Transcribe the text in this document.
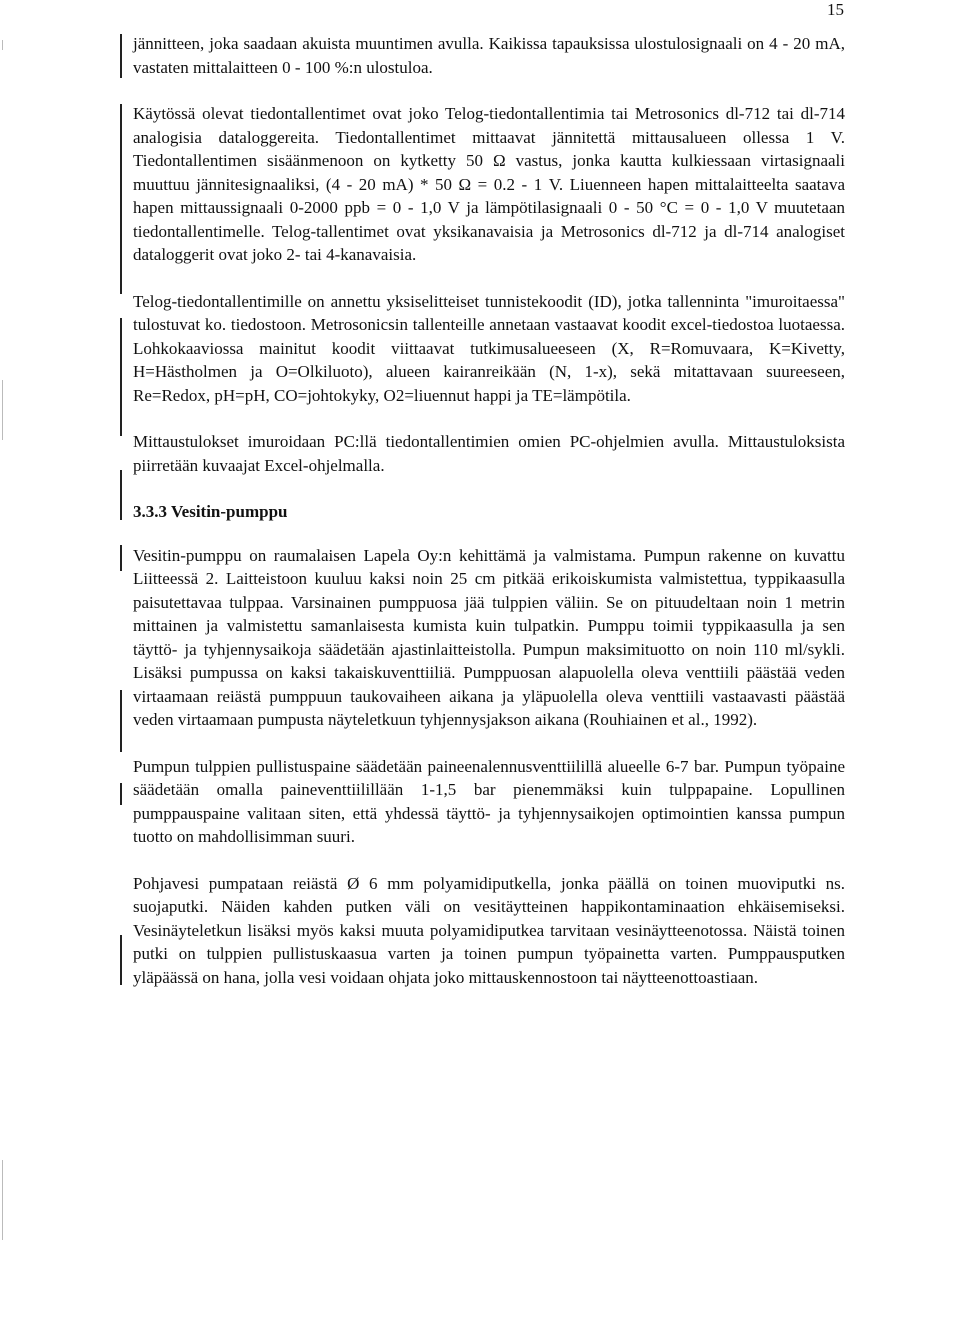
15

jännitteen, joka saadaan akuista muuntimen avulla. Kaikissa tapauksissa ulostulosignaali on 4 - 20 mA, vastaten mittalaitteen 0 - 100 %:n ulostuloa.

Käytössä olevat tiedontallentimet ovat joko Telog-tiedontallentimia tai Metrosonics dl-712 tai dl-714 analogisia dataloggereita. Tiedontallentimet mittaavat jännitettä mittausalueen ollessa 1 V. Tiedontallentimen sisäänmenoon on kytketty 50 Ω vastus, jonka kautta kulkiessaan virtasignaali muuttuu jännitesignaaliksi, (4 - 20 mA) * 50 Ω = 0.2 - 1 V. Liuenneen hapen mittalaitteelta saatava hapen mittaussignaali 0-2000 ppb = 0 - 1,0 V ja lämpötilasignaali 0 - 50 °C = 0 - 1,0 V muutetaan tiedontallentimelle. Telog-tallentimet ovat yksikanavaisia ja Metrosonics dl-712 ja dl-714 analogiset dataloggerit ovat joko 2- tai 4-kanavaisia.

Telog-tiedontallentimille on annettu yksiselitteiset tunnistekoodit (ID), jotka tallenninta "imuroitaessa" tulostuvat ko. tiedostoon. Metrosonicsin tallenteille annetaan vastaavat koodit excel-tiedostoa luotaessa. Lohkokaaviossa mainitut koodit viittaavat tutkimusalueeseen (X, R=Romuvaara, K=Kivetty, H=Hästholmen ja O=Olkiluoto), alueen kairanreikään (N, 1-x), sekä mitattavaan suureeseen, Re=Redox, pH=pH, CO=johtokyky, O2=liuennut happi ja TE=lämpötila.

Mittaustulokset imuroidaan PC:llä tiedontallentimien omien PC-ohjelmien avulla. Mittaustuloksista piirretään kuvaajat Excel-ohjelmalla.

3.3.3 Vesitin-pumppu

Vesitin-pumppu on raumalaisen Lapela Oy:n kehittämä ja valmistama. Pumpun rakenne on kuvattu Liitteessä 2. Laitteistoon kuuluu kaksi noin 25 cm pitkää erikoiskumista valmistettua, typpikaasulla paisutettavaa tulppaa. Varsinainen pumppuosa jää tulppien väliin. Se on pituudeltaan noin 1 metrin mittainen ja valmistettu samanlaisesta kumista kuin tulpatkin. Pumppu toimii typpikaasulla ja sen täyttö- ja tyhjennysaikoja säädetään ajastinlaitteistolla. Pumpun maksimituotto on noin 110 ml/sykli. Lisäksi pumpussa on kaksi takaiskuventtiiliä. Pumppuosan alapuolella oleva venttiili päästää veden virtaamaan reiästä pumppuun taukovaiheen aikana ja yläpuolella oleva venttiili vastaavasti päästää veden virtaamaan pumpusta näyteletkuun tyhjennysjakson aikana (Rouhiainen et al., 1992).

Pumpun tulppien pullistuspaine säädetään paineenalennusventtiilillä alueelle 6-7 bar. Pumpun työpaine säädetään omalla paineventtiilillään 1-1,5 bar pienemmäksi kuin tulppapaine. Lopullinen pumppauspaine valitaan siten, että yhdessä täyttö- ja tyhjennysaikojen optimointien kanssa pumpun tuotto on mahdollisimman suuri.

Pohjavesi pumpataan reiästä Ø 6 mm polyamidiputkella, jonka päällä on toinen muoviputki ns. suojaputki. Näiden kahden putken väli on vesitäytteinen happikontaminaation ehkäisemiseksi. Vesinäyteletkun lisäksi myös kaksi muuta polyamidiputkea tarvitaan vesinäytteenotossa. Näistä toinen putki on tulppien pullistuskaasua varten ja toinen pumpun työpainetta varten. Pumppausputken yläpäässä on hana, jolla vesi voidaan ohjata joko mittauskennostoon tai näytteenottoastiaan.
